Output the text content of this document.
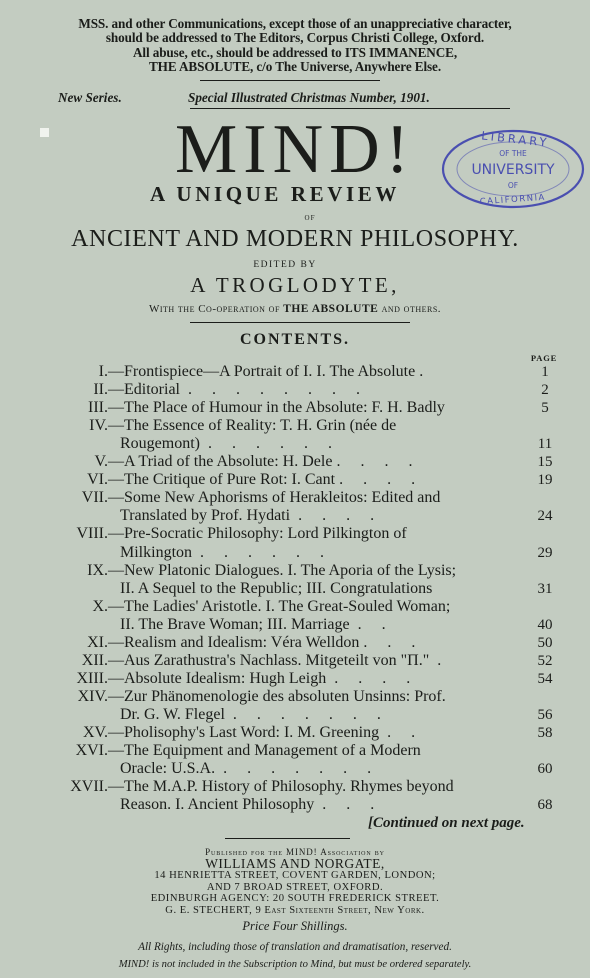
MSS. and other Communications, except those of an unappreciative character,
should be addressed to The Editors, Corpus Christi College, Oxford.
All abuse, etc., should be addressed to ITS IMMANENCE,
THE ABSOLUTE, c/o The Universe, Anywhere Else.
New Series.	Special Illustrated Christmas Number, 1901.
MIND!
A UNIQUE REVIEW
OF
ANCIENT AND MODERN PHILOSOPHY.
EDITED BY
A TROGLODYTE,
With the Co-operation of THE ABSOLUTE and others.
CONTENTS.
PAGE
I. —Frontispiece—A Portrait of I. I. The Absolute .	1
II. —Editorial  .     .     .     .     .     .     .     .	2
III. —The Place of Humour in the Absolute: F. H. Badly	5
IV. —The Essence of Reality: T. H. Grin (née de
Rougemont)  .     .     .     .     .     .	11
V. —A Triad of the Absolute: H. Dele .     .     .     .	15
VI. —The Critique of Pure Rot: I. Cant .     .     .     .	19
VII. —Some New Aphorisms of Herakleitos: Edited and
Translated by Prof. Hydati  .     .     .     .	24
VIII. —Pre-Socratic Philosophy: Lord Pilkington of
Milkington  .     .     .     .     .     .	29
IX. —New Platonic Dialogues. I. The Aporia of the Lysis;
II. A Sequel to the Republic; III. Congratulations	31
X. —The Ladies' Aristotle. I. The Great-Souled Woman;
II. The Brave Woman; III. Marriage  .     .	40
XI. —Realism and Idealism: Véra Welldon .     .     .	50
XII. —Aus Zarathustra's Nachlass. Mitgeteilt von "Π."  .	52
XIII. —Absolute Idealism: Hugh Leigh  .     .     .     .	54
XIV. —Zur Phänomenologie des absoluten Unsinns: Prof.
Dr. G. W. Flegel  .     .     .     .     .     .     .	56
XV. —Pholisophy's Last Word: I. M. Greening  .     .	58
XVI. —The Equipment and Management of a Modern
Oracle: U.S.A.  .     .     .     .     .     .     .	60
XVII. —The M.A.P. History of Philosophy. Rhymes beyond
Reason. I. Ancient Philosophy  .     .     .	68
[Continued on next page.
Published for the MIND! Association by
WILLIAMS AND NORGATE,
14 HENRIETTA STREET, COVENT GARDEN, LONDON;
AND 7 BROAD STREET, OXFORD.
EDINBURGH AGENCY: 20 SOUTH FREDERICK STREET.
G. E. STECHERT, 9 East Sixteenth Street, New York.
Price Four Shillings.
All Rights, including those of translation and dramatisation, reserved.
MIND! is not included in the Subscription to Mind, but must be ordered separately.
LIBRARY
OF THE
UNIVERSITY
OF
CALIFORNIA
